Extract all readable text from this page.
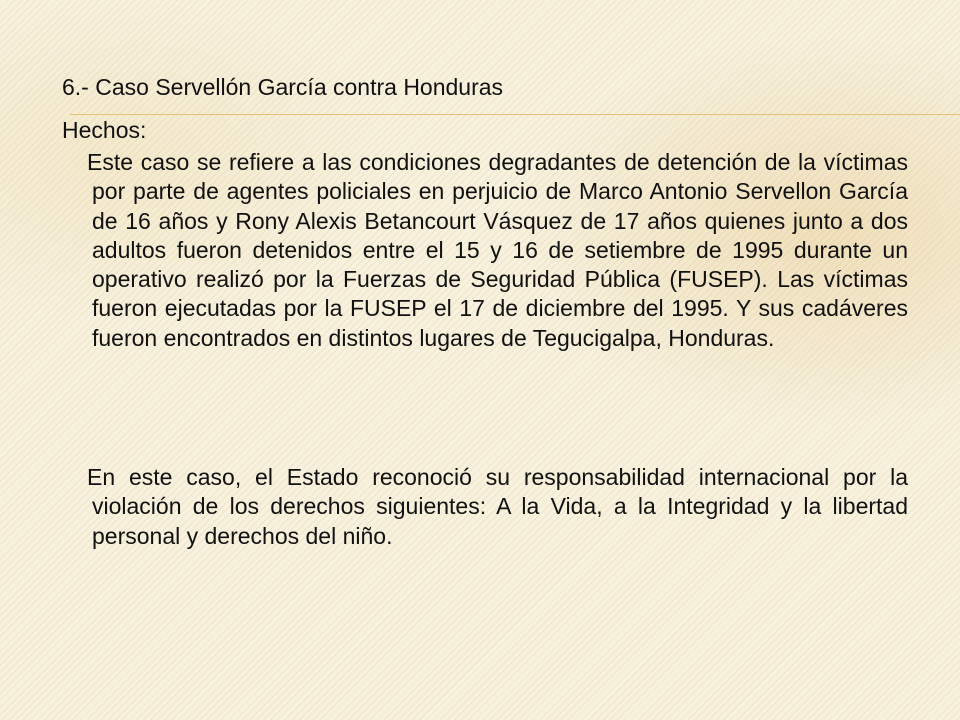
6.- Caso Servellón García contra Honduras

Hechos:

Este caso se refiere a las condiciones degradantes de detención de la víctimas por parte de agentes policiales en perjuicio de Marco Antonio Servellon García de 16 años y Rony Alexis Betancourt Vásquez de 17 años quienes junto a dos adultos fueron detenidos entre el 15 y 16 de setiembre de 1995 durante un operativo realizó por la Fuerzas de Seguridad Pública (FUSEP). Las víctimas fueron ejecutadas por la FUSEP el 17 de diciembre del 1995. Y sus cadáveres fueron encontrados en distintos lugares de Tegucigalpa, Honduras.

En este caso, el Estado reconoció su responsabilidad internacional por la violación de los derechos siguientes: A la Vida, a la Integridad y la libertad personal y derechos del niño.
